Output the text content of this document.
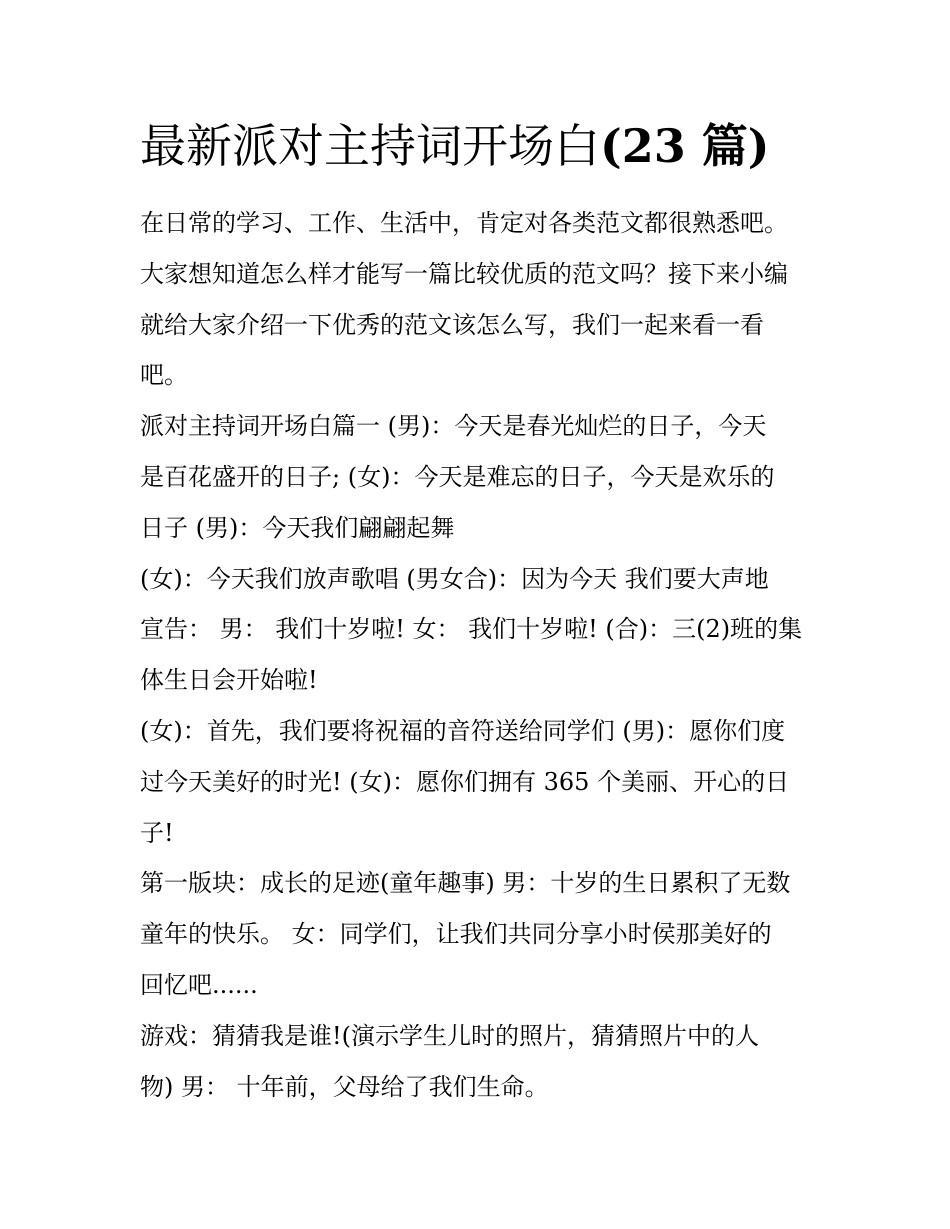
最新派对主持词开场白(23 篇)
在日常的学习、工作、生活中，肯定对各类范文都很熟悉吧。
大家想知道怎么样才能写一篇比较优质的范文吗？接下来小编
就给大家介绍一下优秀的范文该怎么写，我们一起来看一看
吧。
派对主持词开场白篇一 (男)：今天是春光灿烂的日子，今天
是百花盛开的日子; (女)：今天是难忘的日子，今天是欢乐的
日子 (男)：今天我们翩翩起舞
(女)：今天我们放声歌唱 (男女合)：因为今天 我们要大声地
宣告： 男： 我们十岁啦! 女： 我们十岁啦! (合)：三(2)班的集
体生日会开始啦!
(女)：首先，我们要将祝福的音符送给同学们 (男)：愿你们度
过今天美好的时光! (女)：愿你们拥有 365 个美丽、开心的日
子!
第一版块：成长的足迹(童年趣事) 男：十岁的生日累积了无数
童年的快乐。 女：同学们，让我们共同分享小时侯那美好的
回忆吧......
游戏：猜猜我是谁!(演示学生儿时的照片，猜猜照片中的人
物) 男： 十年前，父母给了我们生命。
